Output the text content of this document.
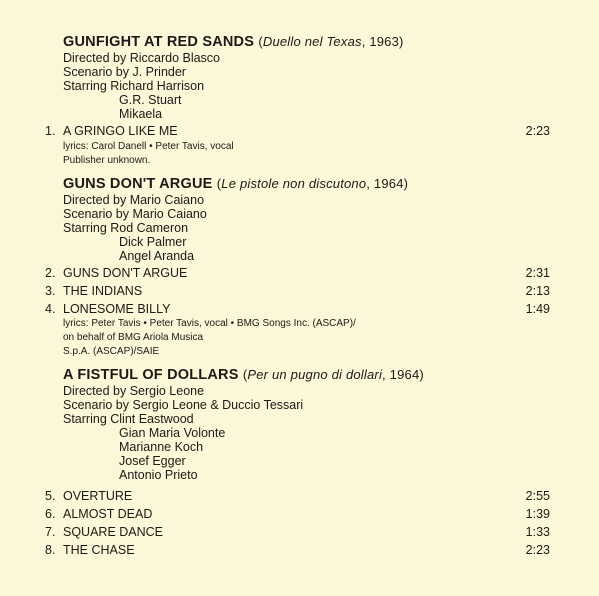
GUNFIGHT AT RED SANDS (Duello nel Texas, 1963)
Directed by Riccardo Blasco
Scenario by J. Prinder
Starring Richard Harrison
G.R. Stuart
Mikaela
1. A GRINGO LIKE ME	2:23
lyrics: Carol Danell • Peter Tavis, vocal
Publisher unknown.
GUNS DON'T ARGUE (Le pistole non discutono, 1964)
Directed by Mario Caiano
Scenario by Mario Caiano
Starring Rod Cameron
Dick Palmer
Angel Aranda
2. GUNS DON'T ARGUE	2:31
3. THE INDIANS	2:13
4. LONESOME BILLY	1:49
lyrics: Peter Tavis • Peter Tavis, vocal • BMG Songs Inc. (ASCAP)/
on behalf of BMG Ariola Musica
S.p.A. (ASCAP)/SAIE
A FISTFUL OF DOLLARS (Per un pugno di dollari, 1964)
Directed by Sergio Leone
Scenario by Sergio Leone & Duccio Tessari
Starring Clint Eastwood
Gian Maria Volonte
Marianne Koch
Josef Egger
Antonio Prieto
5. OVERTURE	2:55
6. ALMOST DEAD	1:39
7. SQUARE DANCE	1:33
8. THE CHASE	2:23
